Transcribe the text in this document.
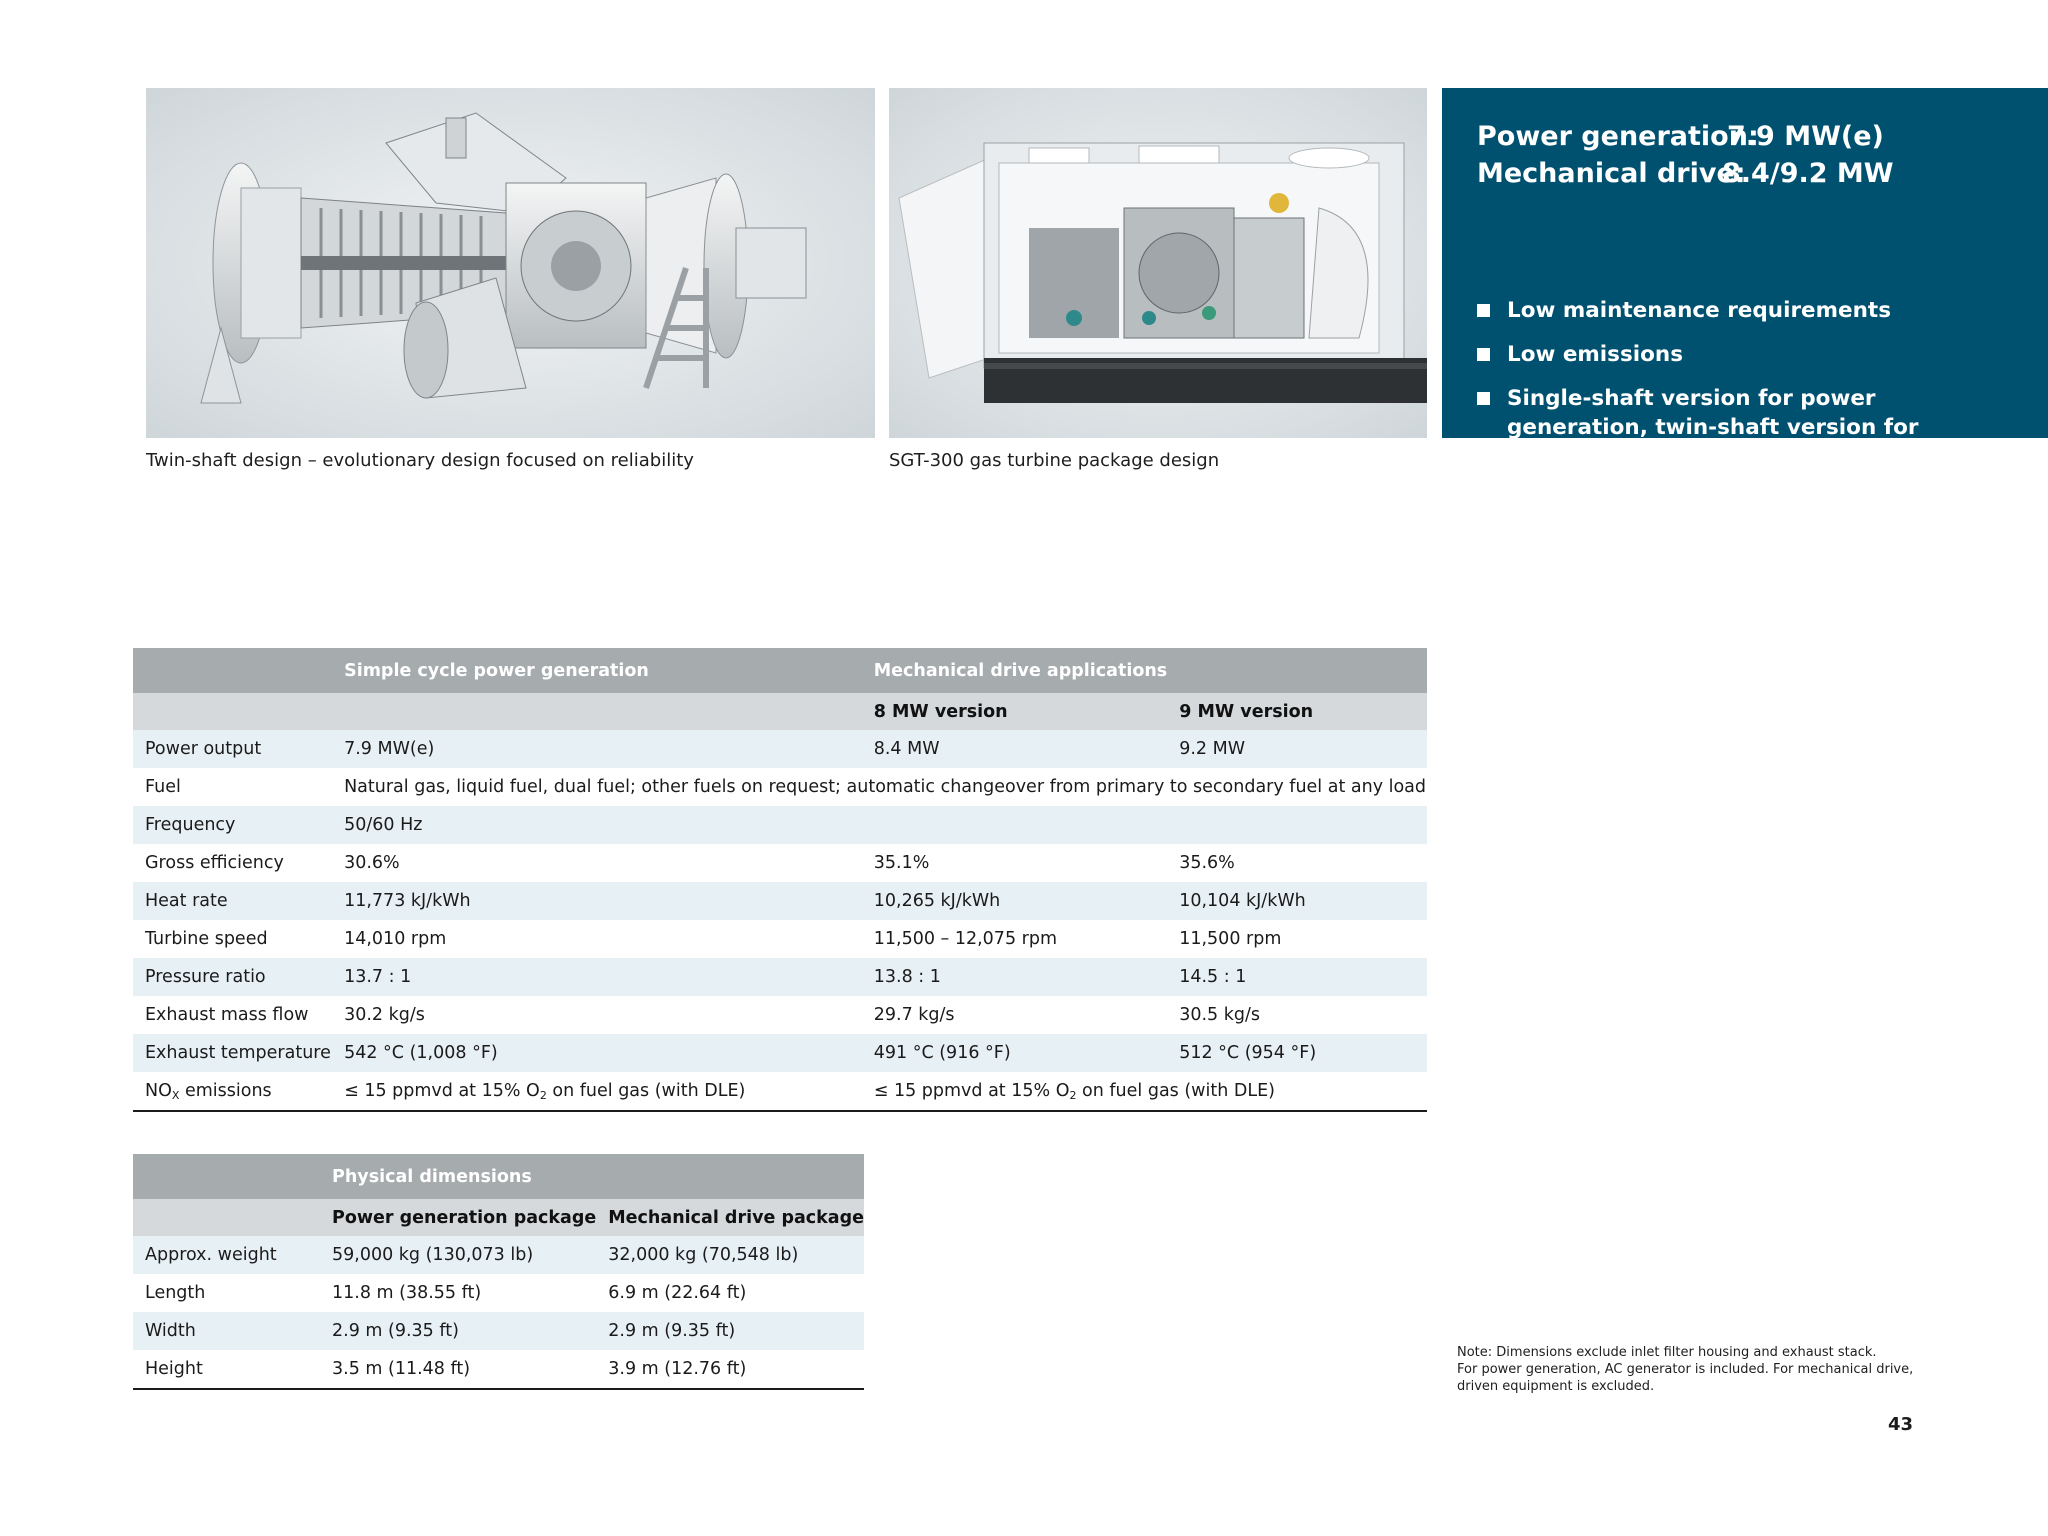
Twin-shaft design – evolutionary design focused on reliability	SGT-300 gas turbine package design
Power generation:
7.9 MW(e)
Mechanical drive:
8.4/9.2 MW
Low maintenance requirements
Low emissions
Single-shaft version for power generation, twin-shaft version for mechancial drive applications
	Simple cycle power generation	Mechanical drive applications	
		8 MW version	9 MW version
Power output	7.9 MW(e)	8.4 MW	9.2 MW
Fuel	Natural gas, liquid fuel, dual fuel; other fuels on request; automatic changeover from primary to secondary fuel at any load		
Frequency	50/60 Hz		
Gross efficiency	30.6%	35.1%	35.6%
Heat rate	11,773 kJ/kWh	10,265 kJ/kWh	10,104 kJ/kWh
Turbine speed	14,010 rpm	11,500 – 12,075 rpm	11,500 rpm
Pressure ratio	13.7 : 1	13.8 : 1	14.5 : 1
Exhaust mass flow	30.2 kg/s	29.7 kg/s	30.5 kg/s
Exhaust temperature	542 °C (1,008 °F)	491 °C (916 °F)	512 °C (954 °F)
$NO_X$ emissions	≤ 15 ppmvd at 15% $O_2$ on fuel gas (with DLE)	≤ 15 ppmvd at 15% $O_2$ on fuel gas (with DLE)	
	Physical dimensions	
	Power generation package	Mechanical drive package
Approx. weight	59,000 kg (130,073 lb)	32,000 kg (70,548 lb)
Length	11.8 m (38.55 ft)	6.9 m (22.64 ft)
Width	2.9 m (9.35 ft)	2.9 m (9.35 ft)
Height	3.5 m (11.48 ft)	3.9 m (12.76 ft)
Note: Dimensions exclude inlet filter housing and exhaust stack.
For power generation, AC generator is included. For mechanical drive,
driven equipment is excluded.
43
